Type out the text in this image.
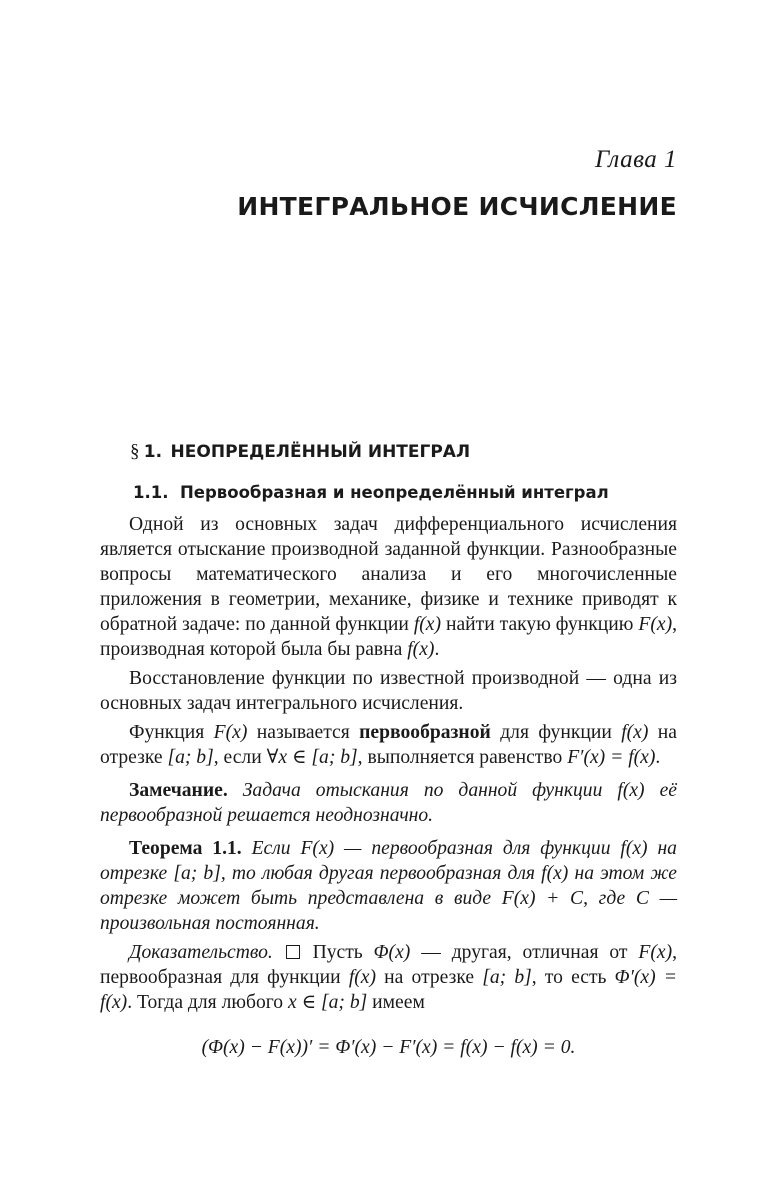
Глава 1
ИНТЕГРАЛЬНОЕ ИСЧИСЛЕНИЕ
§ 1. НЕОПРЕДЕЛЁННЫЙ ИНТЕГРАЛ
1.1. Первообразная и неопределённый интеграл

Одной из основных задач дифференциального исчисления является отыскание производной заданной функции. Разнообразные вопросы математического анализа и его многочисленные приложения в геометрии, механике, физике и технике приводят к обратной задаче: по данной функции f(x) найти такую функцию F(x), производная которой была бы равна f(x).

Восстановление функции по известной производной — одна из основных задач интегрального исчисления.

Функция F(x) называется первообразной для функции f(x) на отрезке [a; b], если ∀x ∈ [a; b], выполняется равенство F′(x) = f(x).

Замечание. Задача отыскания по данной функции f(x) её первообразной решается неоднозначно.

Теорема 1.1. Если F(x) — первообразная для функции f(x) на отрезке [a; b], то любая другая первообразная для f(x) на этом же отрезке может быть представлена в виде F(x) + C, где C — произвольная постоянная.

Доказательство.  Пусть Φ(x) — другая, отличная от F(x), первообразная для функции f(x) на отрезке [a; b], то есть Φ′(x) = f(x). Тогда для любого x ∈ [a; b] имеем

(Φ(x) − F(x))′ = Φ′(x) − F′(x) = f(x) − f(x) = 0.
